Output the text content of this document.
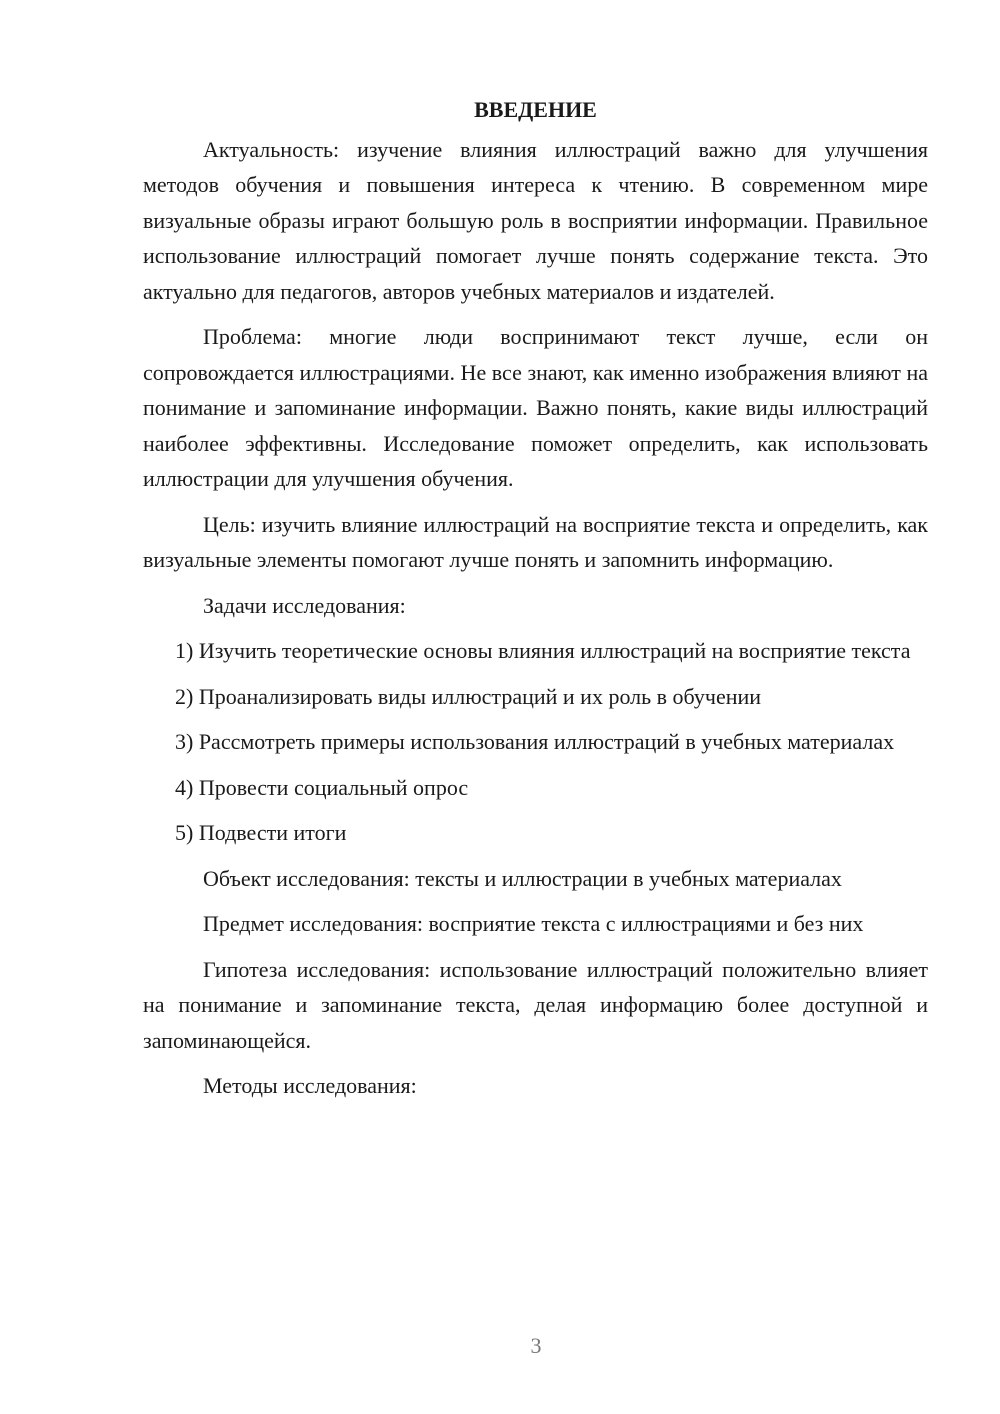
ВВЕДЕНИЕ

Актуальность: изучение влияния иллюстраций важно для улучшения методов обучения и повышения интереса к чтению. В современном мире визуальные образы играют большую роль в восприятии информации. Правильное использование иллюстраций помогает лучше понять содержание текста. Это актуально для педагогов, авторов учебных материалов и издателей.

Проблема: многие люди воспринимают текст лучше, если он сопровождается иллюстрациями. Не все знают, как именно изображения влияют на понимание и запоминание информации. Важно понять, какие виды иллюстраций наиболее эффективны. Исследование поможет определить, как использовать иллюстрации для улучшения обучения.

Цель: изучить влияние иллюстраций на восприятие текста и определить, как визуальные элементы помогают лучше понять и запомнить информацию.

Задачи исследования:

1) Изучить теоретические основы влияния иллюстраций на восприятие текста

2) Проанализировать виды иллюстраций и их роль в обучении

3) Рассмотреть примеры использования иллюстраций в учебных материалах

4) Провести социальный опрос

5) Подвести итоги

Объект исследования: тексты и иллюстрации в учебных материалах

Предмет исследования: восприятие текста с иллюстрациями и без них

Гипотеза исследования: использование иллюстраций положительно влияет на понимание и запоминание текста, делая информацию более доступной и запоминающейся.

Методы исследования:

3
